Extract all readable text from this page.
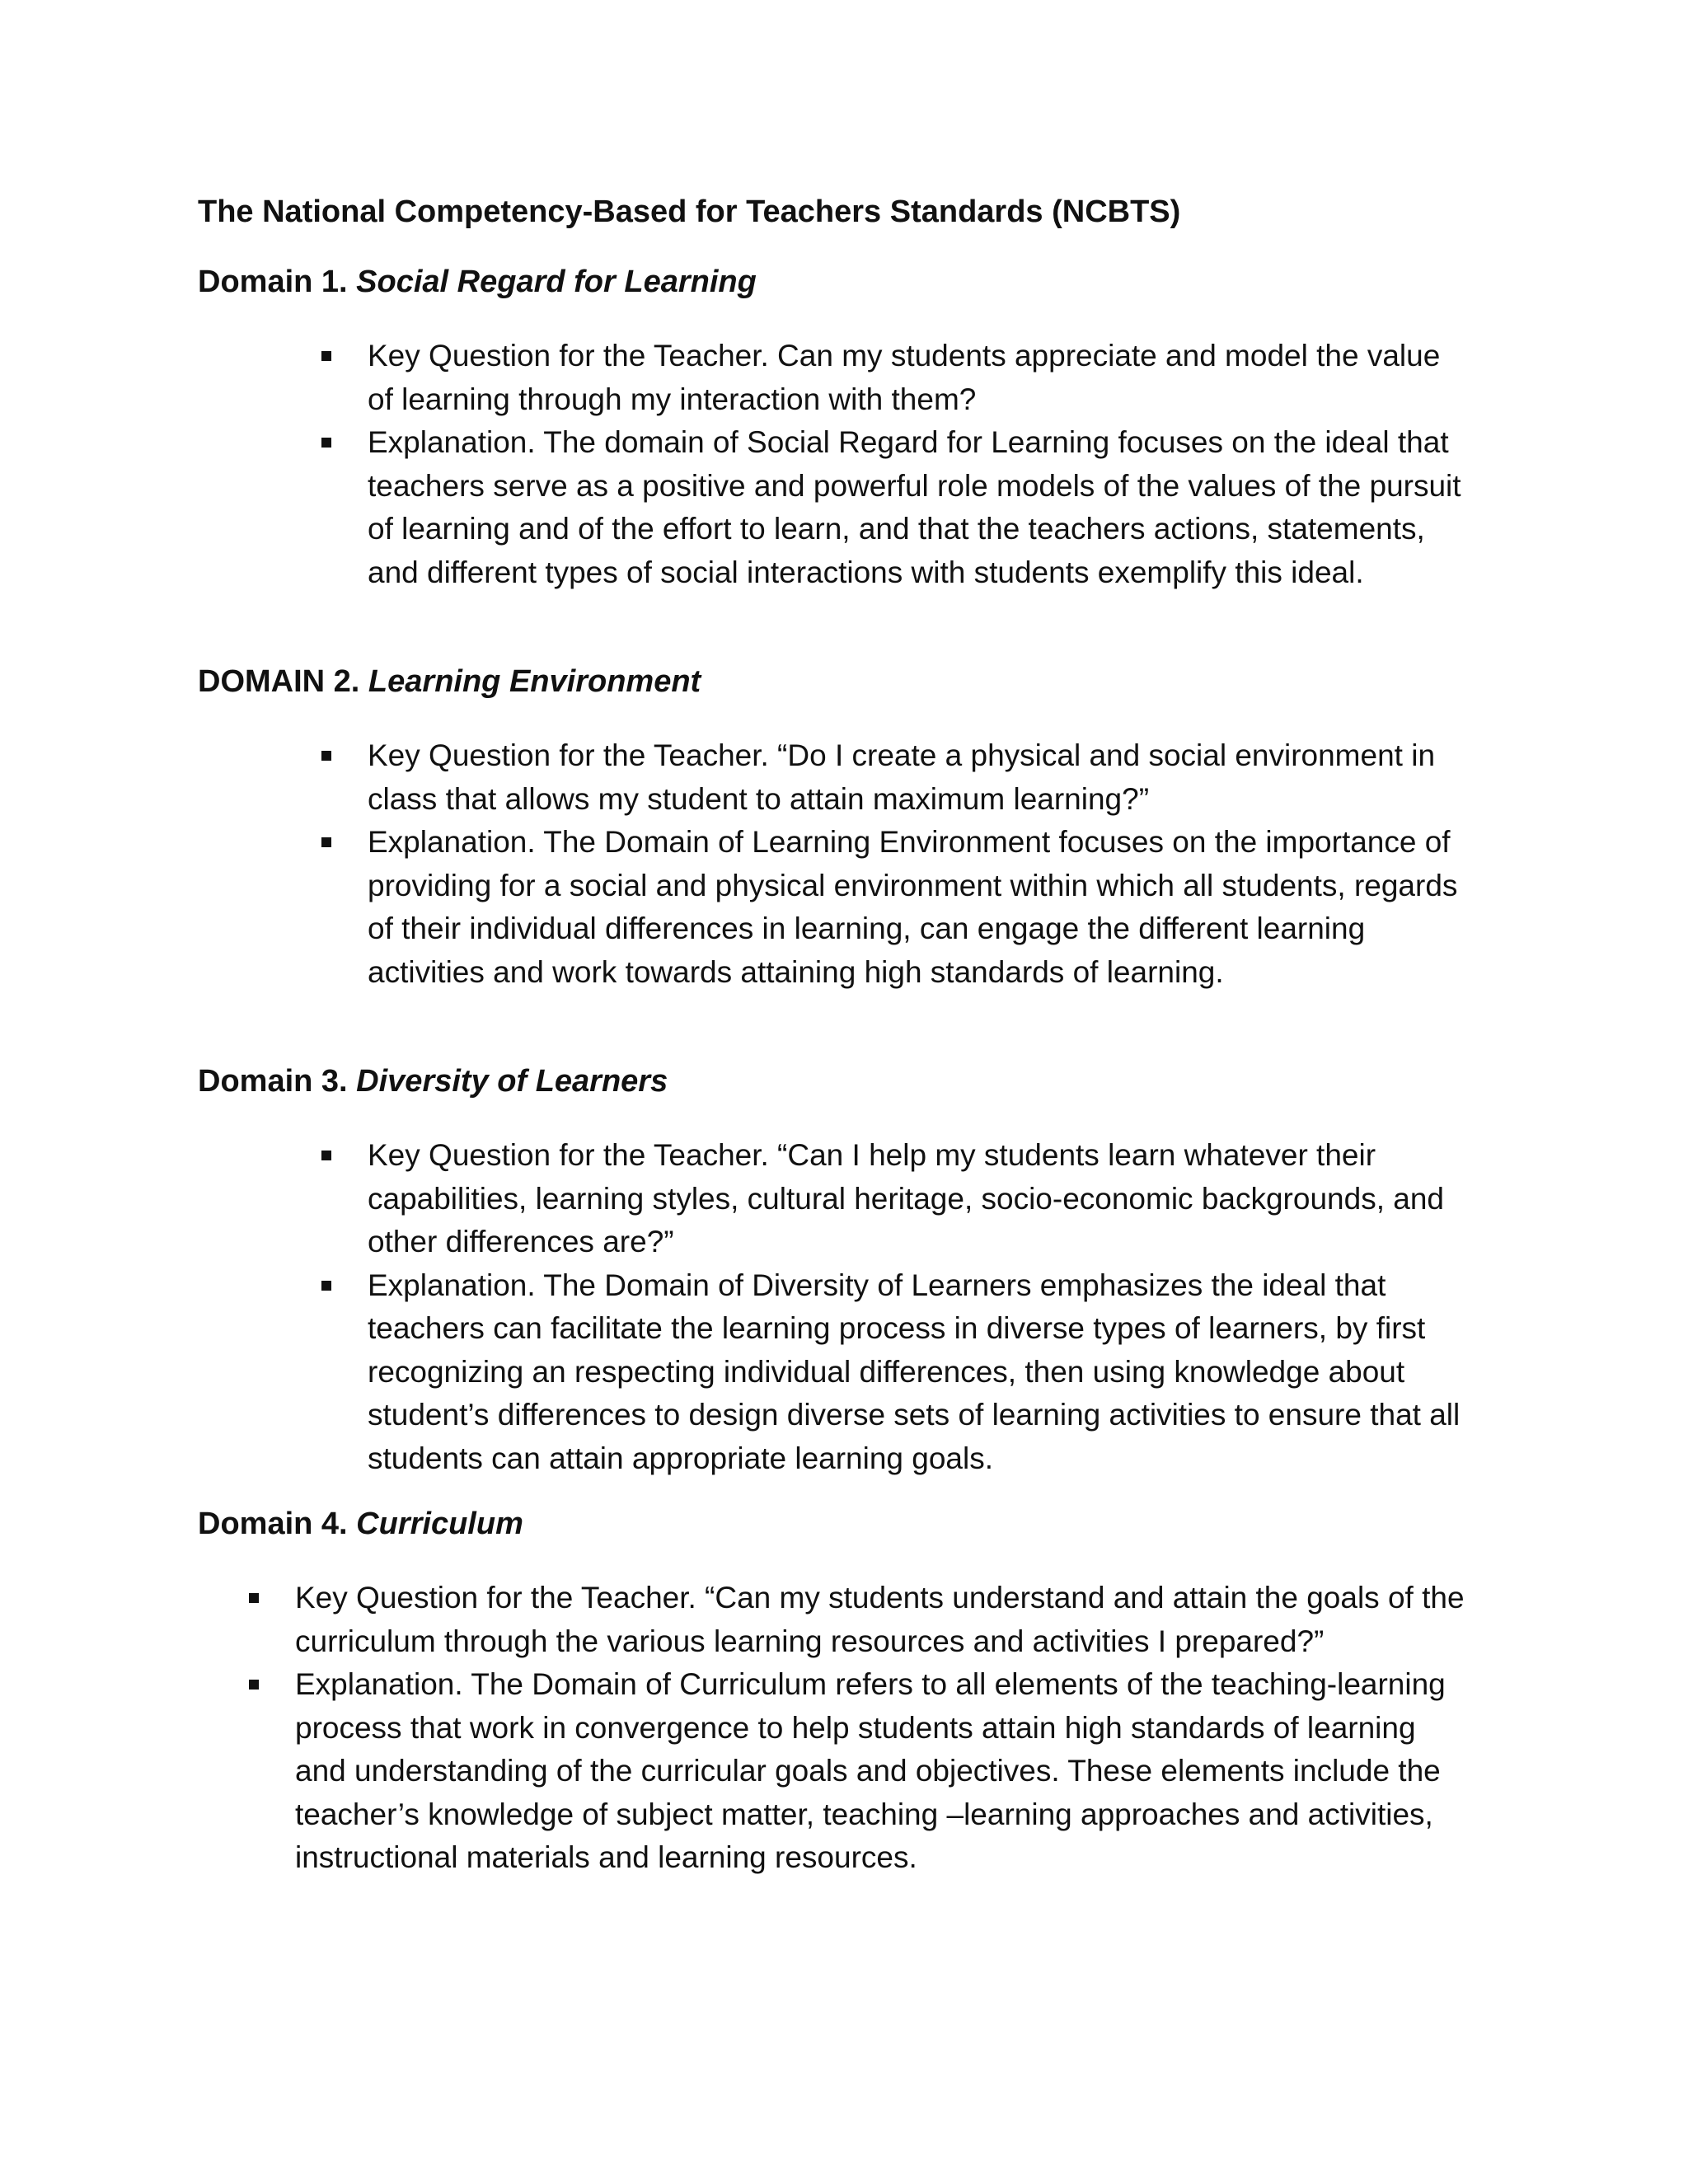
The National Competency-Based for Teachers Standards (NCBTS)
Domain 1. Social Regard for Learning
Key Question for the Teacher. Can my students appreciate and model the value of learning through my interaction with them?
Explanation. The domain of Social Regard for Learning focuses on the ideal that teachers serve as a positive and powerful role models of the values of the pursuit of learning and of the effort to learn, and that the teachers actions, statements, and different types of social interactions with students exemplify this ideal.
DOMAIN 2. Learning Environment
Key Question for the Teacher. “Do I create a physical and social environment in class that allows my student to attain maximum learning?”
Explanation. The Domain of Learning Environment focuses on the importance of providing for a social and physical environment within which all students, regards of their individual differences in learning, can engage the different learning activities and work towards attaining high standards of learning.
Domain 3. Diversity of Learners
Key Question for the Teacher. “Can I help my students learn whatever their capabilities, learning styles, cultural heritage, socio-economic backgrounds, and other differences are?”
Explanation. The Domain of Diversity of Learners emphasizes the ideal that teachers can facilitate the learning process in diverse types of learners, by first recognizing an respecting individual differences, then using knowledge about student’s differences to design diverse sets of learning activities to ensure that all students can attain appropriate learning goals.
Domain 4. Curriculum
Key Question for the Teacher. “Can my students understand and attain the goals of the curriculum through the various learning resources and activities I prepared?”
Explanation. The Domain of Curriculum refers to all elements of the teaching-learning process that work in convergence to help students attain high standards of learning and understanding of the curricular goals and objectives. These elements include the teacher’s knowledge of subject matter, teaching –learning approaches and activities, instructional materials and learning resources.
